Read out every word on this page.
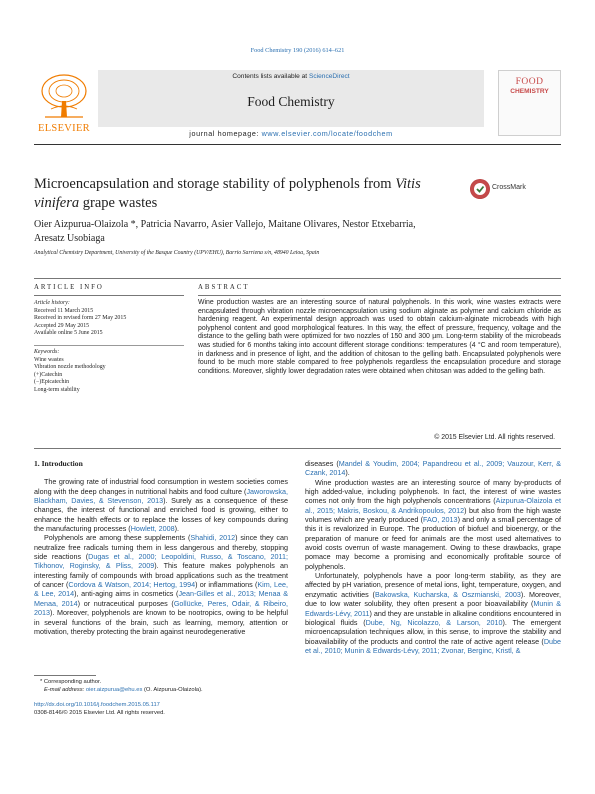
Food Chemistry 190 (2016) 614–621
ELSEVIER
Contents lists available at ScienceDirect
Food Chemistry
journal homepage: www.elsevier.com/locate/foodchem
FOOD
CHEMISTRY
Microencapsulation and storage stability of polyphenols from Vitis vinifera grape wastes
CrossMark
Oier Aizpurua-Olaizola *, Patricia Navarro, Asier Vallejo, Maitane Olivares, Nestor Etxebarria,
Aresatz Usobiaga
Analytical Chemistry Department, University of the Basque Country (UPV/EHU), Barrio Sarriena s/n, 48940 Leioa, Spain
ARTICLE INFO
Article history:
Received 11 March 2015
Received in revised form 27 May 2015
Accepted 29 May 2015
Available online 5 June 2015
Keywords:
Wine wastes
Vibration nozzle methodology
(+)Catechin
(−)Epicatechin
Long-term stability
ABSTRACT
Wine production wastes are an interesting source of natural polyphenols. In this work, wine wastes extracts were encapsulated through vibration nozzle microencapsulation using sodium alginate as polymer and calcium chloride as hardening reagent. An experimental design approach was used to obtain calcium-alginate microbeads with high polyphenol content and good morphological features. In this way, the effect of pressure, frequency, voltage and the distance to the gelling bath were optimized for two nozzles of 150 and 300 µm. Long-term stability of the microbeads was studied for 6 months taking into account different storage conditions: temperatures (4 °C and room temperature), in darkness and in presence of light, and the addition of chitosan to the gelling bath. Encapsulated polyphenols were found to be much more stable compared to free polyphenols regardless the encapsulation procedure and storage conditions. Moreover, slightly lower degradation rates were obtained when chitosan was added to the gelling bath.
© 2015 Elsevier Ltd. All rights reserved.

1. Introduction

The growing rate of industrial food consumption in western societies comes along with the deep changes in nutritional habits and food culture (Jaworowska, Blackham, Davies, & Stevenson, 2013). Surely as a consequence of these changes, the interest of functional and enriched food is growing, either to enhance the health effects or to replace the losses of key compounds during the manufacturing processes (Howlett, 2008).

Polyphenols are among these supplements (Shahidi, 2012) since they can neutralize free radicals turning them in less dangerous and thereby, stopping side reactions (Dugas et al., 2000; Leopoldini, Russo, & Toscano, 2011; Tikhonov, Roginsky, & Pliss, 2009). This feature makes polyphenols an interesting family of compounds with broad applications such as the treatment of cancer (Cordova & Watson, 2014; Hertog, 1994) or inflammations (Kim, Lee, & Lee, 2014), anti-aging aims in cosmetics (Jean-Gilles et al., 2013; Menaa & Menaa, 2014) or nutraceutical purposes (Gollücke, Peres, Odair, & Ribeiro, 2013). Moreover, polyphenols are known to be nootropics, owing to be helpful in several functions of the brain, such as learning, memory, attention or motivation, thereby protecting the brain against neurodegenerative

diseases (Mandel & Youdim, 2004; Papandreou et al., 2009; Vauzour, Kerr, & Czank, 2014).

Wine production wastes are an interesting source of many by-products of high added-value, including polyphenols. In fact, the interest of wine wastes comes not only from the high polyphenols concentrations (Aizpurua-Olaizola et al., 2015; Makris, Boskou, & Andrikopoulos, 2012) but also from the high waste volumes which are yearly produced (FAO, 2013) and only a small percentage of this it is revalorized in Europe. The production of biofuel and bioenergy, or the preparation of manure or feed for animals are the most used alternatives to avoid costs overrun of waste management. Owing to these drawbacks, grape pomace may become a promising and economically profitable source of polyphenols.

Unfortunately, polyphenols have a poor long-term stability, as they are affected by pH variation, presence of metal ions, light, temperature, oxygen, and enzymatic activities (Bakowska, Kucharska, & Oszmianski, 2003). Moreover, due to low water solubility, they often present a poor bioavailability (Munin & Edwards-Lévy, 2011) and they are unstable in alkaline conditions encountered in biological fluids (Dube, Ng, Nicolazzo, & Larson, 2010). The emergent microencapsulation techniques allow, in this sense, to improve the stability and bioavailability of the products and control the rate of active agent release (Dube et al., 2010; Munin & Edwards-Lévy, 2011; Zvonar, Berginc, Kristl, &

* Corresponding author.
E-mail address: oier.aizpurua@ehu.es (O. Aizpurua-Olaizola).
http://dx.doi.org/10.1016/j.foodchem.2015.05.117
0308-8146/© 2015 Elsevier Ltd. All rights reserved.
